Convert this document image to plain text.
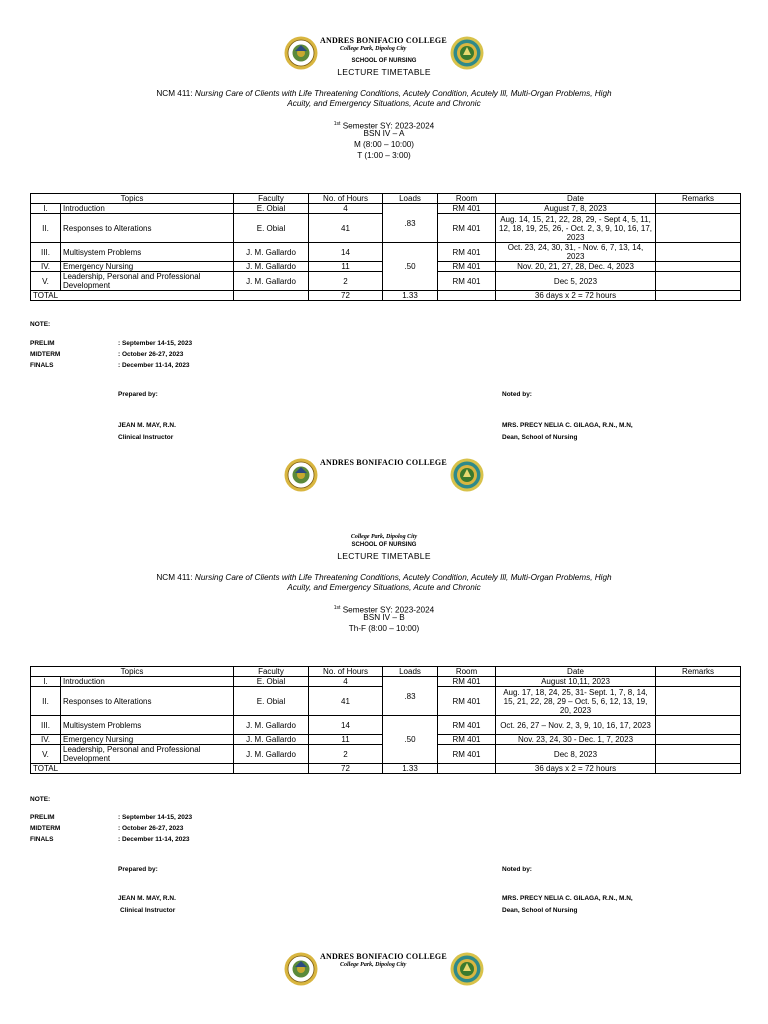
ANDRES BONIFACIO COLLEGE
College Park, Dipolog City
SCHOOL OF NURSING
LECTURE TIMETABLE
NCM 411: Nursing Care of Clients with Life Threatening Conditions, Acutely Condition, Acutely Ill, Multi-Organ Problems, High Acuity, and Emergency Situations, Acute and Chronic
$^{1st}$ Semester SY: 2023-2024
BSN IV – A
M (8:00 – 10:00)
T (1:00 – 3:00)
Topics		Faculty	No. of Hours	Loads	Room	Date	Remarks
I.	Introduction	E. Obial	4	.83	RM 401	August 7, 8, 2023	
II.	Responses to Alterations	E. Obial	41		RM 401	Aug. 14, 15, 21, 22, 28, 29, - Sept 4, 5, 11, 12, 18, 19, 25, 26, - Oct. 2, 3, 9, 10, 16, 17, 2023	
III.	Multisystem Problems	J. M. Gallardo	14	.50	RM 401	Oct. 23, 24, 30, 31, - Nov. 6, 7, 13, 14, 2023	
IV.	Emergency Nursing	J. M. Gallardo	11		RM 401	Nov. 20, 21, 27, 28, Dec. 4, 2023	
V.	Leadership, Personal and Professional Development	J. M. Gallardo	2		RM 401	Dec 5, 2023	
TOTAL			72	1.33		36 days x 2 = 72 hours	
NOTE:
PRELIM	: September 14-15, 2023
MIDTERM	: October 26-27, 2023
FINALS	: December 11-14, 2023
Prepared by:	Noted by:
JEAN M. MAY, R.N.
Clinical Instructor
MRS. PRECY NELIA C. GILAGA, R.N., M.N,
Dean, School of Nursing
ANDRES BONIFACIO COLLEGE
College Park, Dipolog City
SCHOOL OF NURSING
LECTURE TIMETABLE
NCM 411: Nursing Care of Clients with Life Threatening Conditions, Acutely Condition, Acutely Ill, Multi-Organ Problems, High Acuity, and Emergency Situations, Acute and Chronic
$^{1st}$ Semester SY: 2023-2024
BSN IV – B
Th-F (8:00 – 10:00)
Topics		Faculty	No. of Hours	Loads	Room	Date	Remarks
I.	Introduction	E. Obial	4	.83	RM 401	August 10,11, 2023	
II.	Responses to Alterations	E. Obial	41		RM 401	Aug. 17, 18, 24, 25, 31- Sept. 1, 7, 8, 14, 15, 21, 22, 28, 29 – Oct. 5, 6, 12, 13, 19, 20, 2023	
III.	Multisystem Problems	J. M. Gallardo	14	.50	RM 401	Oct. 26, 27 – Nov. 2, 3, 9, 10, 16, 17, 2023	
IV.	Emergency Nursing	J. M. Gallardo	11		RM 401	Nov. 23, 24, 30 - Dec. 1, 7, 2023	
V.	Leadership, Personal and Professional Development	J. M. Gallardo	2		RM 401	Dec 8, 2023	
TOTAL			72	1.33		36 days x 2 = 72 hours	
NOTE:
PRELIM	: September 14-15, 2023
MIDTERM	: October 26-27, 2023
FINALS	: December 11-14, 2023
Prepared by:	Noted by:
JEAN M. MAY, R.N.
Clinical Instructor
MRS. PRECY NELIA C. GILAGA, R.N., M.N,
Dean, School of Nursing
ANDRES BONIFACIO COLLEGE
College Park, Dipolog City
